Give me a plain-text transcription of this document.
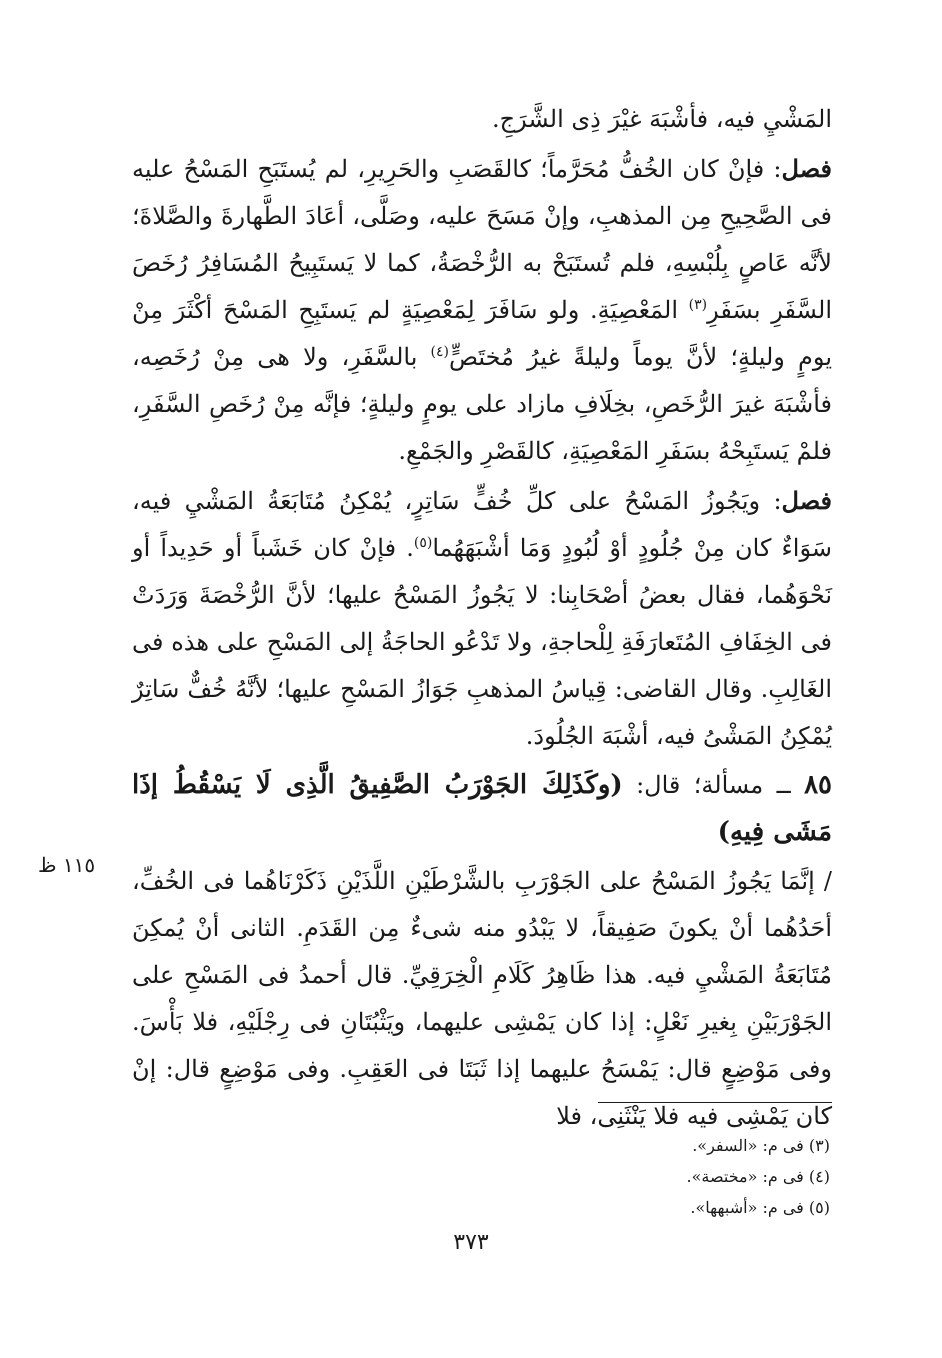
المَشْيِ فيه، فأشْبَهَ غيْرَ ذِى الشَّرَجِ.

فصل: فإنْ كان الخُفُّ مُحَرَّماً؛ كالقَصَبِ والحَرِيرِ، لم يُستَبَحِ المَسْحُ عليه فى الصَّحِيحِ مِن المذهبِ، وإنْ مَسَحَ عليه، وصَلَّى، أعَادَ الطَّهارةَ والصَّلاةَ؛ لأنَّه عَاصٍ بِلُبْسِهِ، فلم تُستَبَحْ به الرُّخْصَةُ، كما لا يَستَبِيحُ المُسَافِرُ رُخَصَ السَّفَرِ بسَفَرِ$^{(٣)}$ المَعْصِيَةِ. ولو سَافَرَ لِمَعْصِيَةٍ لم يَستَبِحِ المَسْحَ أكْثَرَ مِنْ يومٍ وليلةٍ؛ لأنَّ يوماً وليلةً غيرُ مُختَصٍّ$^{(٤)}$ بالسَّفَرِ، ولا هى مِنْ رُخَصِه، فأشْبَهَ غيرَ الرُّخَصِ، بخِلَافِ مازاد على يومٍ وليلةٍ؛ فإنَّه مِنْ رُخَصِ السَّفَرِ، فلمْ يَستَبِحْهُ بسَفَرِ المَعْصِيَةِ، كالقَصْرِ والجَمْعِ.

فصل: ويَجُوزُ المَسْحُ على كلِّ خُفٍّ سَاتِرٍ، يُمْكِنُ مُتَابَعَةُ المَشْيِ فيه، سَوَاءٌ كان مِنْ جُلُودٍ أوْ لُبُودٍ وَمَا أشْبَهَهُما$^{(٥)}$. فإنْ كان خَشَباً أو حَدِيداً أو نَحْوَهُما، فقال بعضُ أصْحَابِنا: لا يَجُوزُ المَسْحُ عليها؛ لأنَّ الرُّخْصَةَ وَرَدَتْ فى الخِفَافِ المُتَعارَفَةِ لِلْحاجةِ، ولا تَدْعُو الحاجَةُ إلى المَسْحِ على هذه فى الغَالِبِ. وقال القاضى: قِياسُ المذهبِ جَوَازُ المَسْحِ عليها؛ لأنَّهُ خُفٌّ سَاتِرٌ يُمْكِنُ المَشْىُ فيه، أشْبَهَ الجُلُودَ.

٨٥ ــ مسألة؛ قال: (وكَذَلِكَ الجَوْرَبُ الصَّفِيقُ الَّذِى لَا يَسْقُطُ إذَا مَشَى فِيهِ)

/ إنَّمَا يَجُوزُ المَسْحُ على الجَوْرَبِ بالشَّرْطَيْنِ اللَّذَيْنِ ذَكَرْنَاهُما فى الخُفِّ، أحَدُهُما أنْ يكونَ صَفِيقاً، لا يَبْدُو منه شىءٌ مِن القَدَمِ. الثانى أنْ يُمكِنَ مُتَابَعَةُ المَشْيِ فيه. هذا ظَاهِرُ كَلَامِ الْخِرَقِيِّ. قال أحمدُ فى المَسْحِ على الجَوْرَبَيْنِ بِغيرِ نَعْلٍ: إذا كان يَمْشِى عليهما، ويَثْبُتَانِ فى رِجْلَيْهِ، فلا بَأْسَ. وفى مَوْضِعٍ قال: يَمْسَحُ عليهما إذا ثَبَتَا فى العَقِبِ. وفى مَوْضِعٍ قال: إنْ كان يَمْشِى فيه فلا يَنْثَنِى، فلا

١١٥ ظ
(٣) فى م: «السفر».
(٤) فى م: «مختصة».
(٥) فى م: «أشبهها».
٣٧٣
